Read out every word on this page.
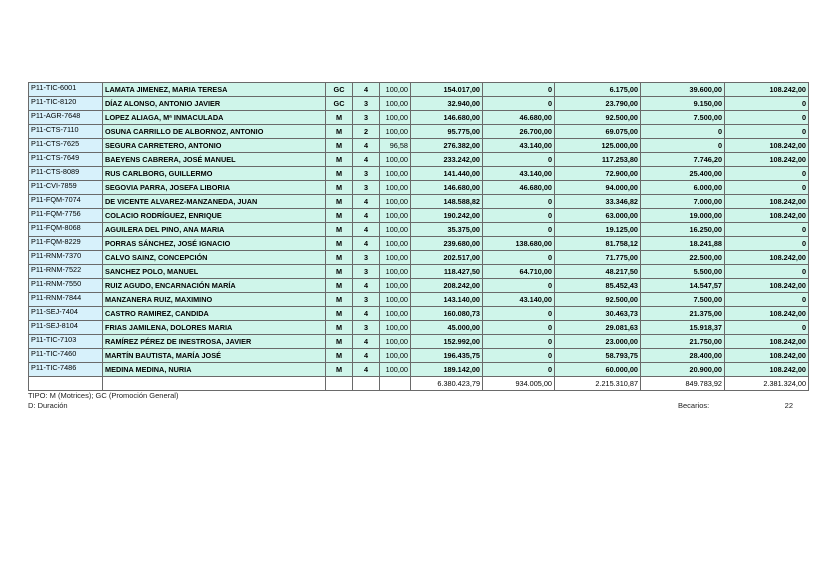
P11-TIC-6001	LAMATA JIMENEZ, MARIA TERESA	GC	4	100,00	154.017,00	0	6.175,00	39.600,00	108.242,00
P11-TIC-8120	DÍAZ ALONSO, ANTONIO JAVIER	GC	3	100,00	32.940,00	0	23.790,00	9.150,00	0
P11-AGR-7648	LOPEZ ALIAGA, Mª INMACULADA	M	3	100,00	146.680,00	46.680,00	92.500,00	7.500,00	0
P11-CTS-7110	OSUNA CARRILLO DE ALBORNOZ, ANTONIO	M	2	100,00	95.775,00	26.700,00	69.075,00	0	0
P11-CTS-7625	SEGURA CARRETERO, ANTONIO	M	4	96,58	276.382,00	43.140,00	125.000,00	0	108.242,00
P11-CTS-7649	BAEYENS CABRERA, JOSÉ MANUEL	M	4	100,00	233.242,00	0	117.253,80	7.746,20	108.242,00
P11-CTS-8089	RUS CARLBORG, GUILLERMO	M	3	100,00	141.440,00	43.140,00	72.900,00	25.400,00	0
P11-CVI-7859	SEGOVIA PARRA, JOSEFA LIBORIA	M	3	100,00	146.680,00	46.680,00	94.000,00	6.000,00	0
P11-FQM-7074	DE VICENTE ALVAREZ-MANZANEDA, JUAN	M	4	100,00	148.588,82	0	33.346,82	7.000,00	108.242,00
P11-FQM-7756	COLACIO RODRÍGUEZ, ENRIQUE	M	4	100,00	190.242,00	0	63.000,00	19.000,00	108.242,00
P11-FQM-8068	AGUILERA DEL PINO, ANA MARIA	M	4	100,00	35.375,00	0	19.125,00	16.250,00	0
P11-FQM-8229	PORRAS SÁNCHEZ, JOSÉ IGNACIO	M	4	100,00	239.680,00	138.680,00	81.758,12	18.241,88	0
P11-RNM-7370	CALVO SAINZ, CONCEPCIÓN	M	3	100,00	202.517,00	0	71.775,00	22.500,00	108.242,00
P11-RNM-7522	SANCHEZ POLO, MANUEL	M	3	100,00	118.427,50	64.710,00	48.217,50	5.500,00	0
P11-RNM-7550	RUIZ AGUDO, ENCARNACIÓN MARÍA	M	4	100,00	208.242,00	0	85.452,43	14.547,57	108.242,00
P11-RNM-7844	MANZANERA RUIZ, MAXIMINO	M	3	100,00	143.140,00	43.140,00	92.500,00	7.500,00	0
P11-SEJ-7404	CASTRO RAMIREZ, CANDIDA	M	4	100,00	160.080,73	0	30.463,73	21.375,00	108.242,00
P11-SEJ-8104	FRIAS JAMILENA, DOLORES MARIA	M	3	100,00	45.000,00	0	29.081,63	15.918,37	0
P11-TIC-7103	RAMÍREZ PÉREZ DE INESTROSA, JAVIER	M	4	100,00	152.992,00	0	23.000,00	21.750,00	108.242,00
P11-TIC-7460	MARTÍN BAUTISTA, MARÍA JOSÉ	M	4	100,00	196.435,75	0	58.793,75	28.400,00	108.242,00
P11-TIC-7486	MEDINA MEDINA, NURIA	M	4	100,00	189.142,00	0	60.000,00	20.900,00	108.242,00
					6.380.423,79	934.005,00	2.215.310,87	849.783,92	2.381.324,00
TIPO: M (Motrices); GC (Promoción General)
D: Duración	Becarios:	22
